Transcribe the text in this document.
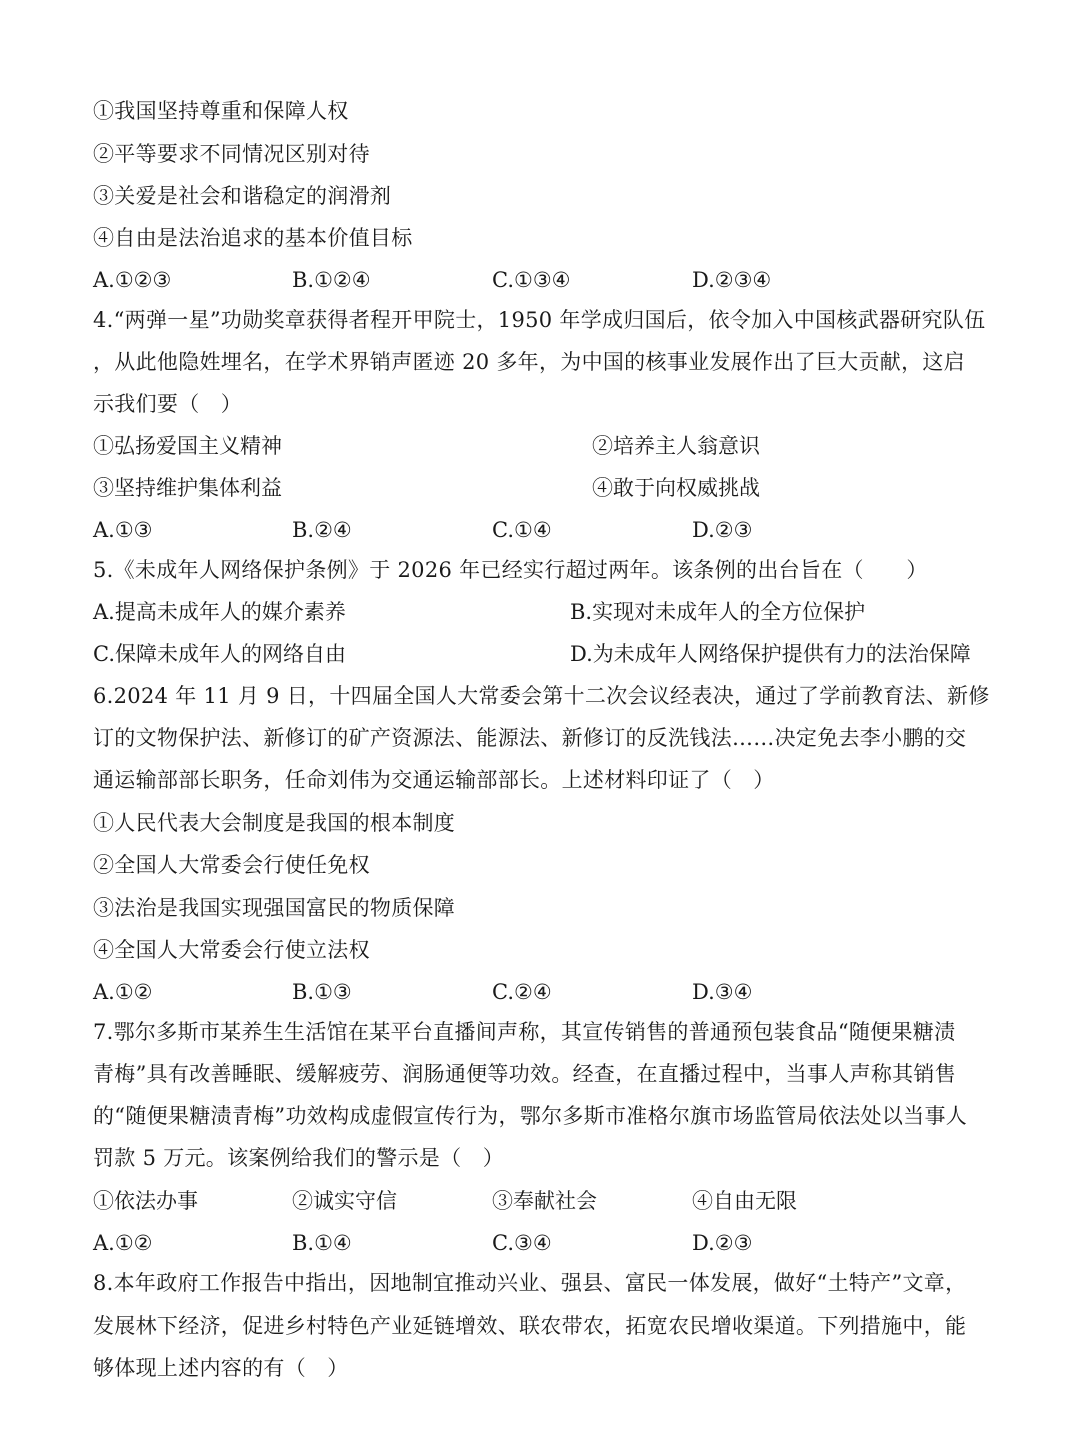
①我国坚持尊重和保障人权
②平等要求不同情况区别对待
③关爱是社会和谐稳定的润滑剂
④自由是法治追求的基本价值目标
A.①②③	B.①②④	C.①③④	D.②③④
4.“两弹一星”功勋奖章获得者程开甲院士，1950 年学成归国后，依令加入中国核武器研究队伍
，从此他隐姓埋名，在学术界销声匿迹 20 多年，为中国的核事业发展作出了巨大贡献，这启
示我们要（　）
①弘扬爱国主义精神	②培养主人翁意识
③坚持维护集体利益	④敢于向权威挑战
A.①③	B.②④	C.①④	D.②③
5.《未成年人网络保护条例》于 2026 年已经实行超过两年。该条例的出台旨在（　　）
A.提高未成年人的媒介素养	B.实现对未成年人的全方位保护
C.保障未成年人的网络自由	D.为未成年人网络保护提供有力的法治保障
6.2024 年 11 月 9 日，十四届全国人大常委会第十二次会议经表决，通过了学前教育法、新修
订的文物保护法、新修订的矿产资源法、能源法、新修订的反洗钱法……决定免去李小鹏的交
通运输部部长职务，任命刘伟为交通运输部部长。上述材料印证了（　）
①人民代表大会制度是我国的根本制度
②全国人大常委会行使任免权
③法治是我国实现强国富民的物质保障
④全国人大常委会行使立法权
A.①②	B.①③	C.②④	D.③④
7.鄂尔多斯市某养生生活馆在某平台直播间声称，其宣传销售的普通预包装食品“随便果糖渍
青梅”具有改善睡眠、缓解疲劳、润肠通便等功效。经查，在直播过程中，当事人声称其销售
的“随便果糖渍青梅”功效构成虚假宣传行为，鄂尔多斯市准格尔旗市场监管局依法处以当事人
罚款 5 万元。该案例给我们的警示是（　）
①依法办事	②诚实守信	③奉献社会	④自由无限
A.①②	B.①④	C.③④	D.②③
8.本年政府工作报告中指出，因地制宜推动兴业、强县、富民一体发展，做好“土特产”文章，
发展林下经济，促进乡村特色产业延链增效、联农带农，拓宽农民增收渠道。下列措施中，能
够体现上述内容的有（　）
